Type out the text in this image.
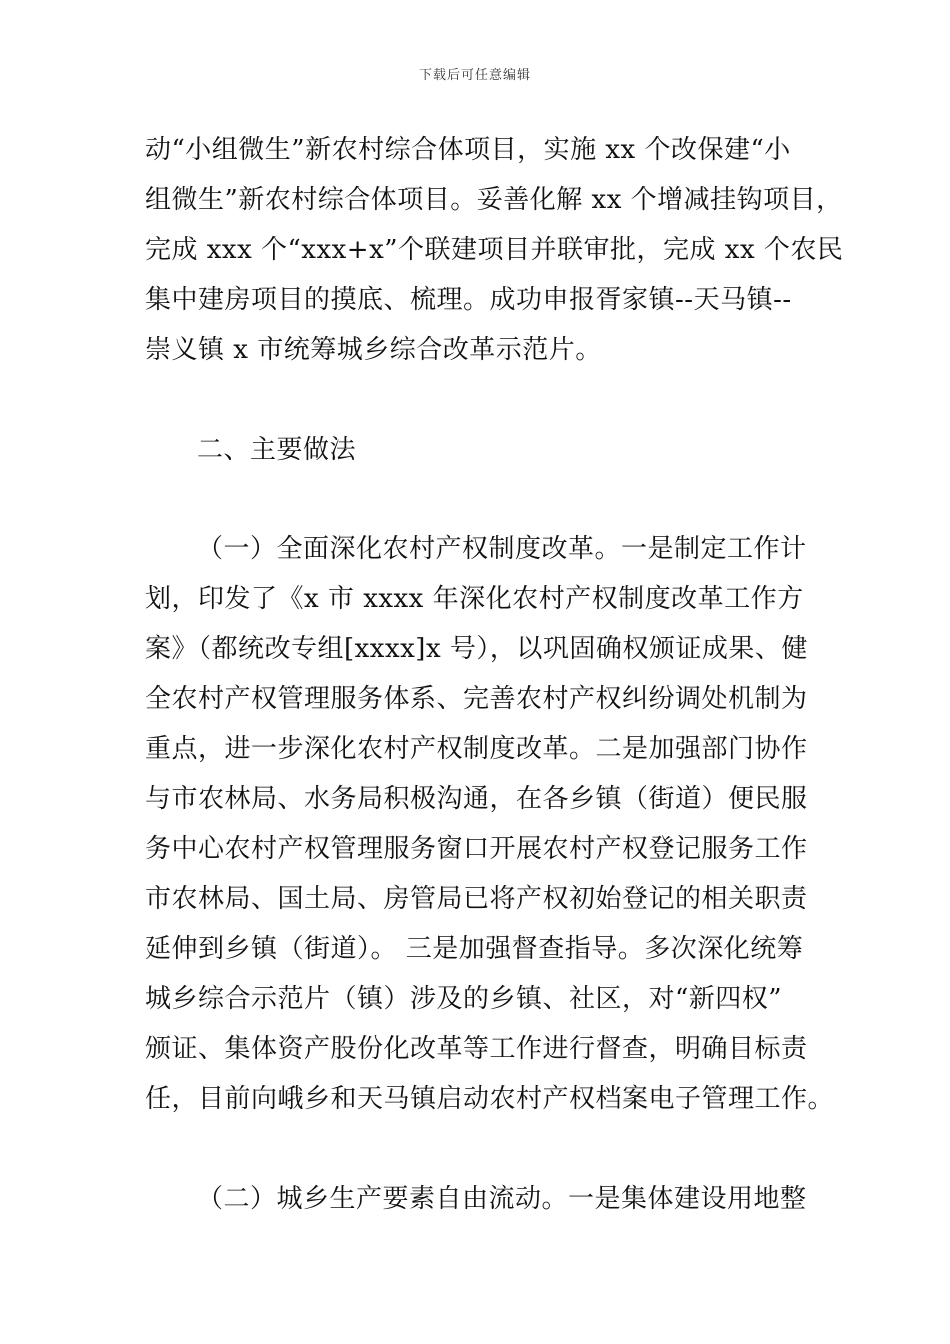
下载后可任意编辑
动“小组微生”新农村综合体项目，实施 xx 个改保建“小
组微生”新农村综合体项目。妥善化解 xx 个增减挂钩项目，
完成 xxx 个“xxx+x”个联建项目并联审批，完成 xx 个农民
集中建房项目的摸底、梳理。成功申报胥家镇--天马镇--
崇义镇 x 市统筹城乡综合改革示范片。
二、主要做法
（一）全面深化农村产权制度改革。一是制定工作计
划，印发了《x 市 xxxx 年深化农村产权制度改革工作方
案》（都统改专组[xxxx]x 号），以巩固确权颁证成果、健
全农村产权管理服务体系、完善农村产权纠纷调处机制为
重点，进一步深化农村产权制度改革。二是加强部门协作
与市农林局、水务局积极沟通，在各乡镇（街道）便民服
务中心农村产权管理服务窗口开展农村产权登记服务工作
市农林局、国土局、房管局已将产权初始登记的相关职责
延伸到乡镇（街道）。 三是加强督查指导。多次深化统筹
城乡综合示范片（镇）涉及的乡镇、社区，对“新四权”
颁证、集体资产股份化改革等工作进行督查，明确目标责
任，目前向峨乡和天马镇启动农村产权档案电子管理工作。
（二）城乡生产要素自由流动。一是集体建设用地整
